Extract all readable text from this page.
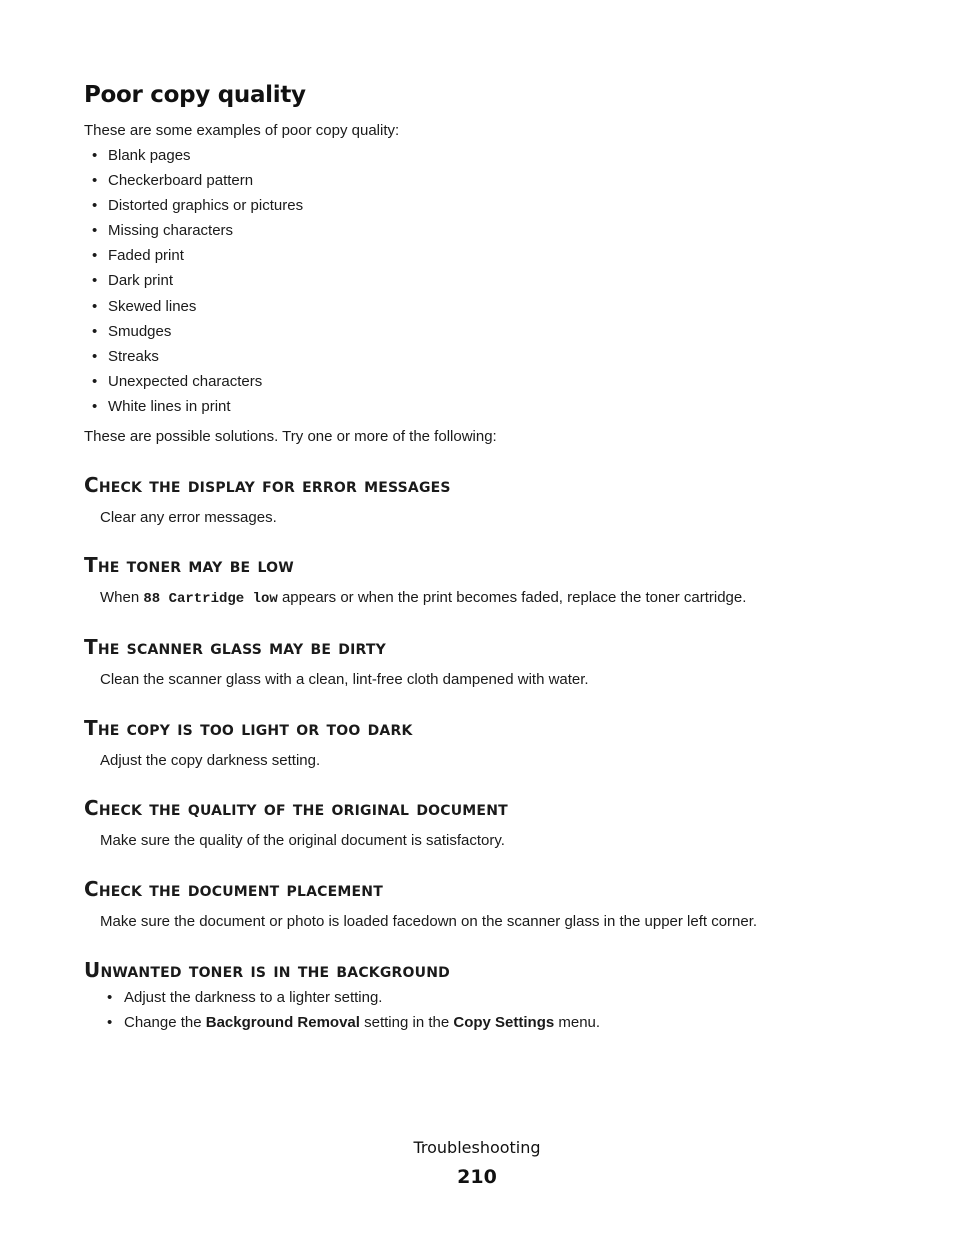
Poor copy quality
These are some examples of poor copy quality:
• Blank pages
• Checkerboard pattern
• Distorted graphics or pictures
• Missing characters
• Faded print
• Dark print
• Skewed lines
• Smudges
• Streaks
• Unexpected characters
• White lines in print
These are possible solutions. Try one or more of the following:
Check the display for error messages
Clear any error messages.
The toner may be low
When 88 Cartridge low appears or when the print becomes faded, replace the toner cartridge.
The scanner glass may be dirty
Clean the scanner glass with a clean, lint-free cloth dampened with water.
The copy is too light or too dark
Adjust the copy darkness setting.
Check the quality of the original document
Make sure the quality of the original document is satisfactory.
Check the document placement
Make sure the document or photo is loaded facedown on the scanner glass in the upper left corner.
Unwanted toner is in the background
• Adjust the darkness to a lighter setting.
• Change the Background Removal setting in the Copy Settings menu.
Troubleshooting
210
